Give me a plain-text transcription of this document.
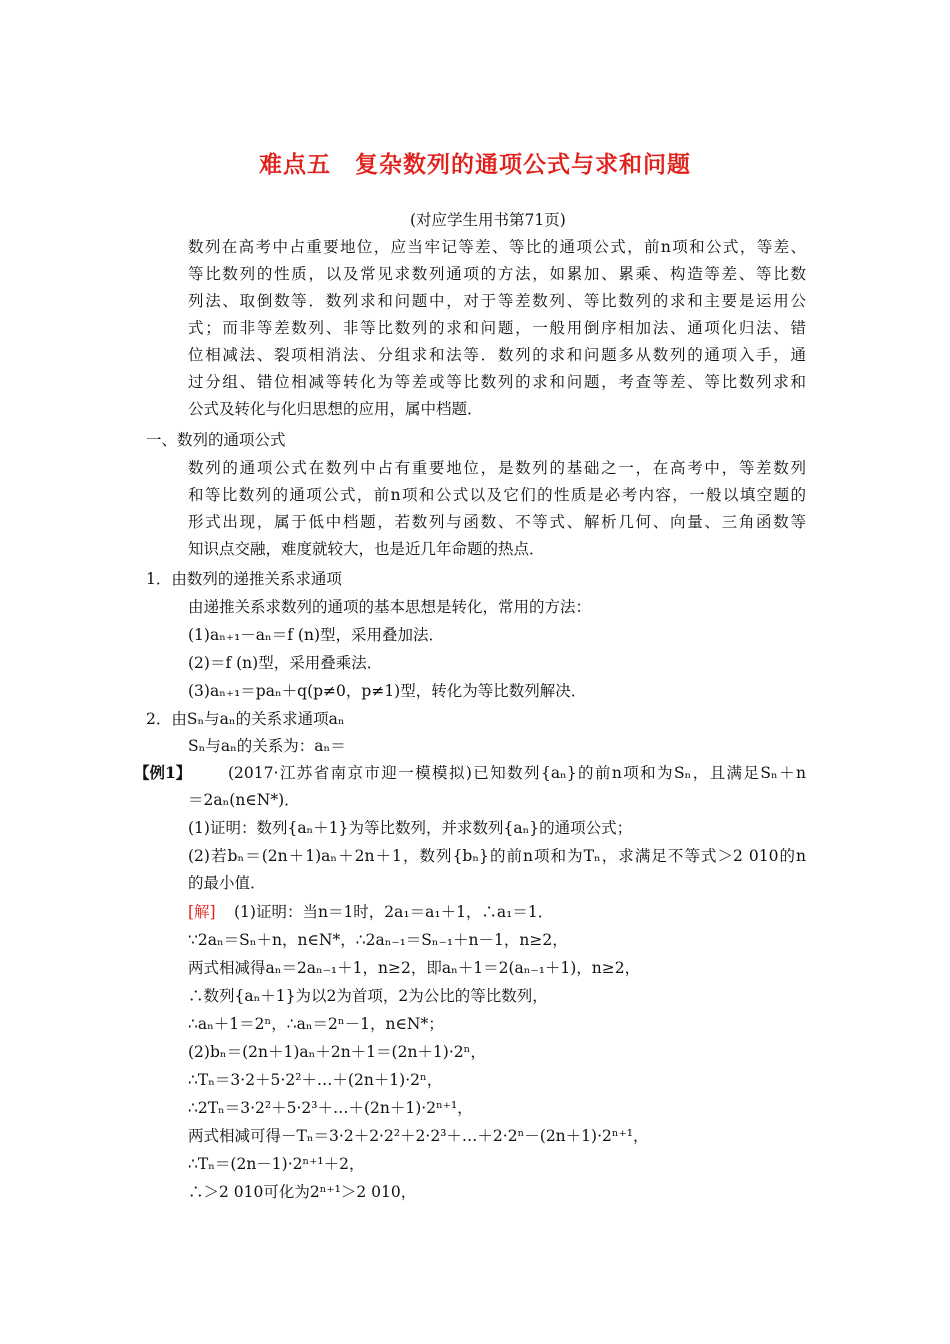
难点五　复杂数列的通项公式与求和问题
(对应学生用书第71页)
数列在高考中占重要地位，应当牢记等差、等比的通项公式，前n项和公式，等差、
等比数列的性质，以及常见求数列通项的方法，如累加、累乘、构造等差、等比数
列法、取倒数等．数列求和问题中，对于等差数列、等比数列的求和主要是运用公
式；而非等差数列、非等比数列的求和问题，一般用倒序相加法、通项化归法、错
位相减法、裂项相消法、分组求和法等．数列的求和问题多从数列的通项入手，通
过分组、错位相减等转化为等差或等比数列的求和问题，考查等差、等比数列求和
公式及转化与化归思想的应用，属中档题．
一、数列的通项公式
数列的通项公式在数列中占有重要地位，是数列的基础之一，在高考中，等差数列
和等比数列的通项公式，前n项和公式以及它们的性质是必考内容，一般以填空题的
形式出现，属于低中档题，若数列与函数、不等式、解析几何、向量、三角函数等
知识点交融，难度就较大，也是近几年命题的热点．
1．由数列的递推关系求通项
由递推关系求数列的通项的基本思想是转化，常用的方法：
(1)aₙ₊₁－aₙ＝f (n)型，采用叠加法．
(2)＝f (n)型，采用叠乘法．
(3)aₙ₊₁＝paₙ＋q(p≠0，p≠1)型，转化为等比数列解决．
2．由Sₙ与aₙ的关系求通项aₙ
Sₙ与aₙ的关系为：aₙ＝
【例1】 (2017·江苏省南京市迎一模模拟)已知数列{aₙ}的前n项和为Sₙ，且满足Sₙ＋n
＝2aₙ(n∈N*)．
(1)证明：数列{aₙ＋1}为等比数列，并求数列{aₙ}的通项公式；
(2)若bₙ＝(2n＋1)aₙ＋2n＋1，数列{bₙ}的前n项和为Tₙ，求满足不等式＞2 010的n
的最小值．
[解] (1)证明：当n＝1时，2a₁＝a₁＋1，∴a₁＝1．
∵2aₙ＝Sₙ＋n，n∈N*，∴2aₙ₋₁＝Sₙ₋₁＋n－1，n≥2，
两式相减得aₙ＝2aₙ₋₁＋1，n≥2，即aₙ＋1＝2(aₙ₋₁＋1)，n≥2，
∴数列{aₙ＋1}为以2为首项，2为公比的等比数列，
∴aₙ＋1＝2ⁿ，∴aₙ＝2ⁿ－1，n∈N*；
(2)bₙ＝(2n＋1)aₙ＋2n＋1＝(2n＋1)·2ⁿ，
∴Tₙ＝3·2＋5·2²＋…＋(2n＋1)·2ⁿ，
∴2Tₙ＝3·2²＋5·2³＋…＋(2n＋1)·2ⁿ⁺¹，
两式相减可得－Tₙ＝3·2＋2·2²＋2·2³＋…＋2·2ⁿ－(2n＋1)·2ⁿ⁺¹，
∴Tₙ＝(2n－1)·2ⁿ⁺¹＋2，
∴＞2 010可化为2ⁿ⁺¹＞2 010，
